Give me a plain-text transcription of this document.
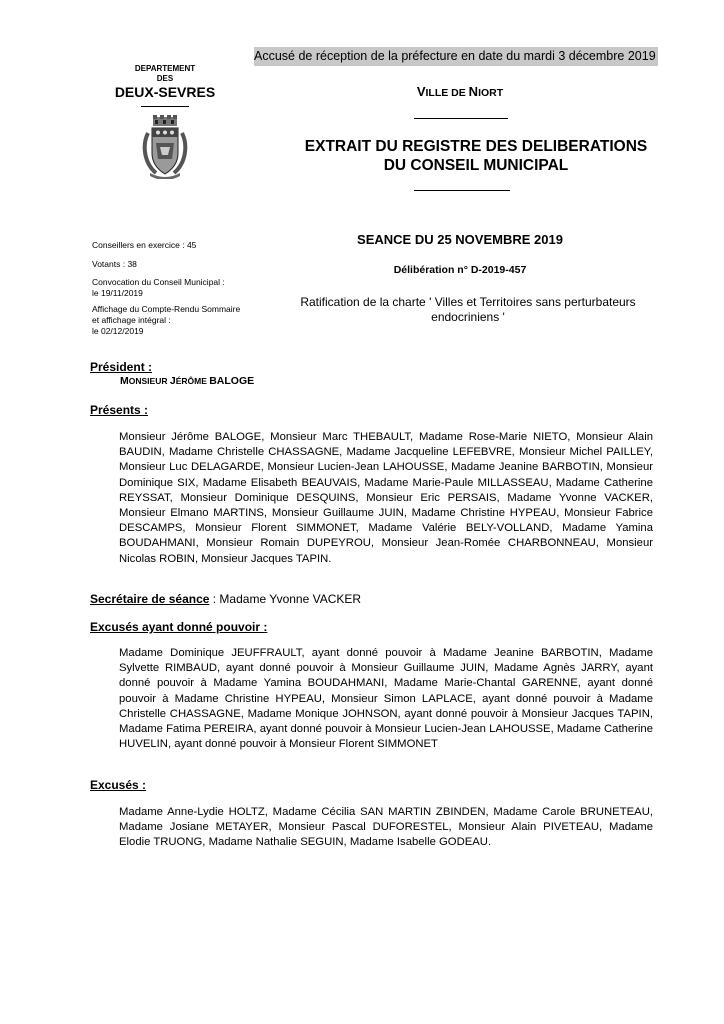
Accusé de réception de la préfecture en date du mardi 3 décembre 2019
DEPARTEMENT
DES
DEUX-SEVRES	VILLE DE NIORT
EXTRAIT DU REGISTRE DES DELIBERATIONS
DU CONSEIL MUNICIPAL
Conseillers en exercice : 45
Votants : 38
Convocation du Conseil Municipal :
le 19/11/2019
Affichage du Compte-Rendu Sommaire
et affichage intégral :
le 02/12/2019
SEANCE DU 25 NOVEMBRE 2019
Délibération n° D-2019-457
Ratification de la charte ' Villes et Territoires sans perturbateurs
endocriniens '
Président :
MONSIEUR JÉRÔME BALOGE
Présents :
Monsieur Jérôme BALOGE, Monsieur Marc THEBAULT, Madame Rose-Marie NIETO, Monsieur Alain BAUDIN, Madame Christelle CHASSAGNE, Madame Jacqueline LEFEBVRE, Monsieur Michel PAILLEY, Monsieur Luc DELAGARDE, Monsieur Lucien-Jean LAHOUSSE, Madame Jeanine BARBOTIN, Monsieur Dominique SIX, Madame Elisabeth BEAUVAIS, Madame Marie-Paule MILLASSEAU, Madame Catherine REYSSAT, Monsieur Dominique DESQUINS, Monsieur Eric PERSAIS, Madame Yvonne VACKER, Monsieur Elmano MARTINS, Monsieur Guillaume JUIN, Madame Christine HYPEAU, Monsieur Fabrice DESCAMPS, Monsieur Florent SIMMONET, Madame Valérie BELY-VOLLAND, Madame Yamina BOUDAHMANI, Monsieur Romain DUPEYROU, Monsieur Jean-Romée CHARBONNEAU, Monsieur Nicolas ROBIN, Monsieur Jacques TAPIN.
Secrétaire de séance : Madame Yvonne VACKER
Excusés ayant donné pouvoir :
Madame Dominique JEUFFRAULT, ayant donné pouvoir à Madame Jeanine BARBOTIN, Madame Sylvette RIMBAUD, ayant donné pouvoir à Monsieur Guillaume JUIN, Madame Agnès JARRY, ayant donné pouvoir à Madame Yamina BOUDAHMANI, Madame Marie-Chantal GARENNE, ayant donné pouvoir à Madame Christine HYPEAU, Monsieur Simon LAPLACE, ayant donné pouvoir à Madame Christelle CHASSAGNE, Madame Monique JOHNSON, ayant donné pouvoir à Monsieur Jacques TAPIN, Madame Fatima PEREIRA, ayant donné pouvoir à Monsieur Lucien-Jean LAHOUSSE, Madame Catherine HUVELIN, ayant donné pouvoir à Monsieur Florent SIMMONET
Excusés :
Madame Anne-Lydie HOLTZ, Madame Cécilia SAN MARTIN ZBINDEN, Madame Carole BRUNETEAU, Madame Josiane METAYER, Monsieur Pascal DUFORESTEL, Monsieur Alain PIVETEAU, Madame Elodie TRUONG, Madame Nathalie SEGUIN, Madame Isabelle GODEAU.
